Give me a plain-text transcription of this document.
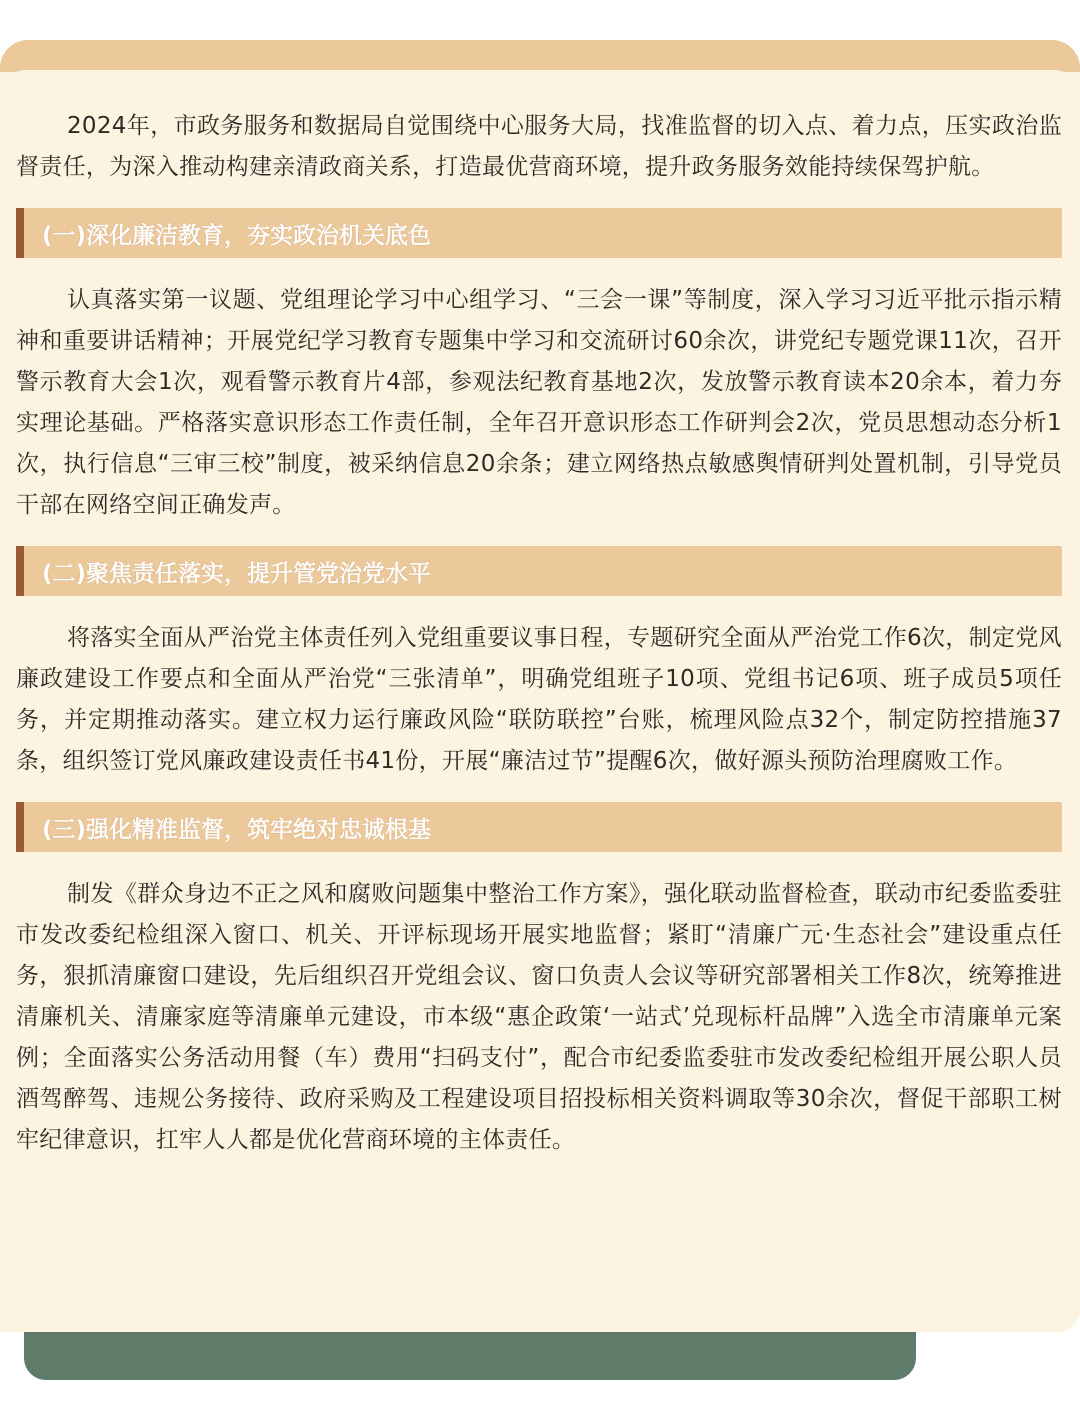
2024年，市政务服务和数据局自觉围绕中心服务大局，找准监督的切入点、着力点，压实政治监督责任，为深入推动构建亲清政商关系，打造最优营商环境，提升政务服务效能持续保驾护航。

(一)深化廉洁教育，夯实政治机关底色

认真落实第一议题、党组理论学习中心组学习、“三会一课”等制度，深入学习习近平批示指示精神和重要讲话精神；开展党纪学习教育专题集中学习和交流研讨60余次，讲党纪专题党课11次，召开警示教育大会1次，观看警示教育片4部，参观法纪教育基地2次，发放警示教育读本20余本，着力夯实理论基础。严格落实意识形态工作责任制，全年召开意识形态工作研判会2次，党员思想动态分析1次，执行信息“三审三校”制度，被采纳信息20余条；建立网络热点敏感舆情研判处置机制，引导党员干部在网络空间正确发声。

(二)聚焦责任落实，提升管党治党水平

将落实全面从严治党主体责任列入党组重要议事日程，专题研究全面从严治党工作6次，制定党风廉政建设工作要点和全面从严治党“三张清单”，明确党组班子10项、党组书记6项、班子成员5项任务，并定期推动落实。建立权力运行廉政风险“联防联控”台账，梳理风险点32个，制定防控措施37条，组织签订党风廉政建设责任书41份，开展“廉洁过节”提醒6次，做好源头预防治理腐败工作。

(三)强化精准监督，筑牢绝对忠诚根基

制发《群众身边不正之风和腐败问题集中整治工作方案》，强化联动监督检查，联动市纪委监委驻市发改委纪检组深入窗口、机关、开评标现场开展实地监督；紧盯“清廉广元·生态社会”建设重点任务，狠抓清廉窗口建设，先后组织召开党组会议、窗口负责人会议等研究部署相关工作8次，统筹推进清廉机关、清廉家庭等清廉单元建设，市本级“惠企政策‘一站式’兑现标杆品牌”入选全市清廉单元案例；全面落实公务活动用餐（车）费用“扫码支付”，配合市纪委监委驻市发改委纪检组开展公职人员酒驾醉驾、违规公务接待、政府采购及工程建设项目招投标相关资料调取等30余次，督促干部职工树牢纪律意识，扛牢人人都是优化营商环境的主体责任。
